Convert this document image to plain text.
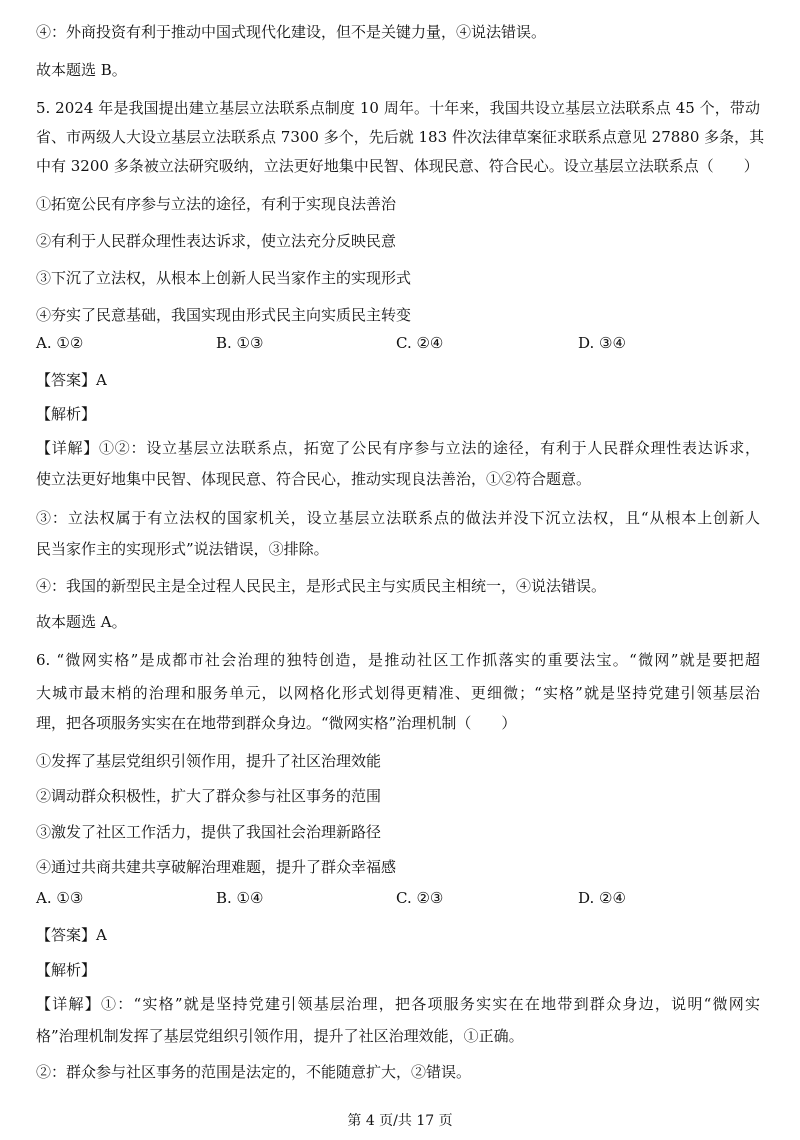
④：外商投资有利于推动中国式现代化建设，但不是关键力量，④说法错误。
故本题选 B。
5. 2024 年是我国提出建立基层立法联系点制度 10 周年。十年来，我国共设立基层立法联系点 45 个，带动
省、市两级人大设立基层立法联系点 7300 多个，先后就 183 件次法律草案征求联系点意见 27880 多条，其
中有 3200 多条被立法研究吸纳，立法更好地集中民智、体现民意、符合民心。设立基层立法联系点（　　）
①拓宽公民有序参与立法的途径，有利于实现良法善治
②有利于人民群众理性表达诉求，使立法充分反映民意
③下沉了立法权，从根本上创新人民当家作主的实现形式
④夯实了民意基础，我国实现由形式民主向实质民主转变
A. ①②	B. ①③	C. ②④	D. ③④
【答案】A
【解析】
【详解】①②：设立基层立法联系点，拓宽了公民有序参与立法的途径，有利于人民群众理性表达诉求，
使立法更好地集中民智、体现民意、符合民心，推动实现良法善治，①②符合题意。
③：立法权属于有立法权的国家机关，设立基层立法联系点的做法并没下沉立法权，且“从根本上创新人
民当家作主的实现形式”说法错误，③排除。
④：我国的新型民主是全过程人民民主，是形式民主与实质民主相统一，④说法错误。
故本题选 A。
6. “微网实格”是成都市社会治理的独特创造，是推动社区工作抓落实的重要法宝。“微网”就是要把超
大城市最末梢的治理和服务单元，以网格化形式划得更精准、更细微；“实格”就是坚持党建引领基层治
理，把各项服务实实在在地带到群众身边。“微网实格”治理机制（　　）
①发挥了基层党组织引领作用，提升了社区治理效能
②调动群众积极性，扩大了群众参与社区事务的范围
③激发了社区工作活力，提供了我国社会治理新路径
④通过共商共建共享破解治理难题，提升了群众幸福感
A. ①③	B. ①④	C. ②③	D. ②④
【答案】A
【解析】
【详解】①：“实格”就是坚持党建引领基层治理，把各项服务实实在在地带到群众身边，说明“微网实
格”治理机制发挥了基层党组织引领作用，提升了社区治理效能，①正确。
②：群众参与社区事务的范围是法定的，不能随意扩大，②错误。
第 4 页/共 17 页
